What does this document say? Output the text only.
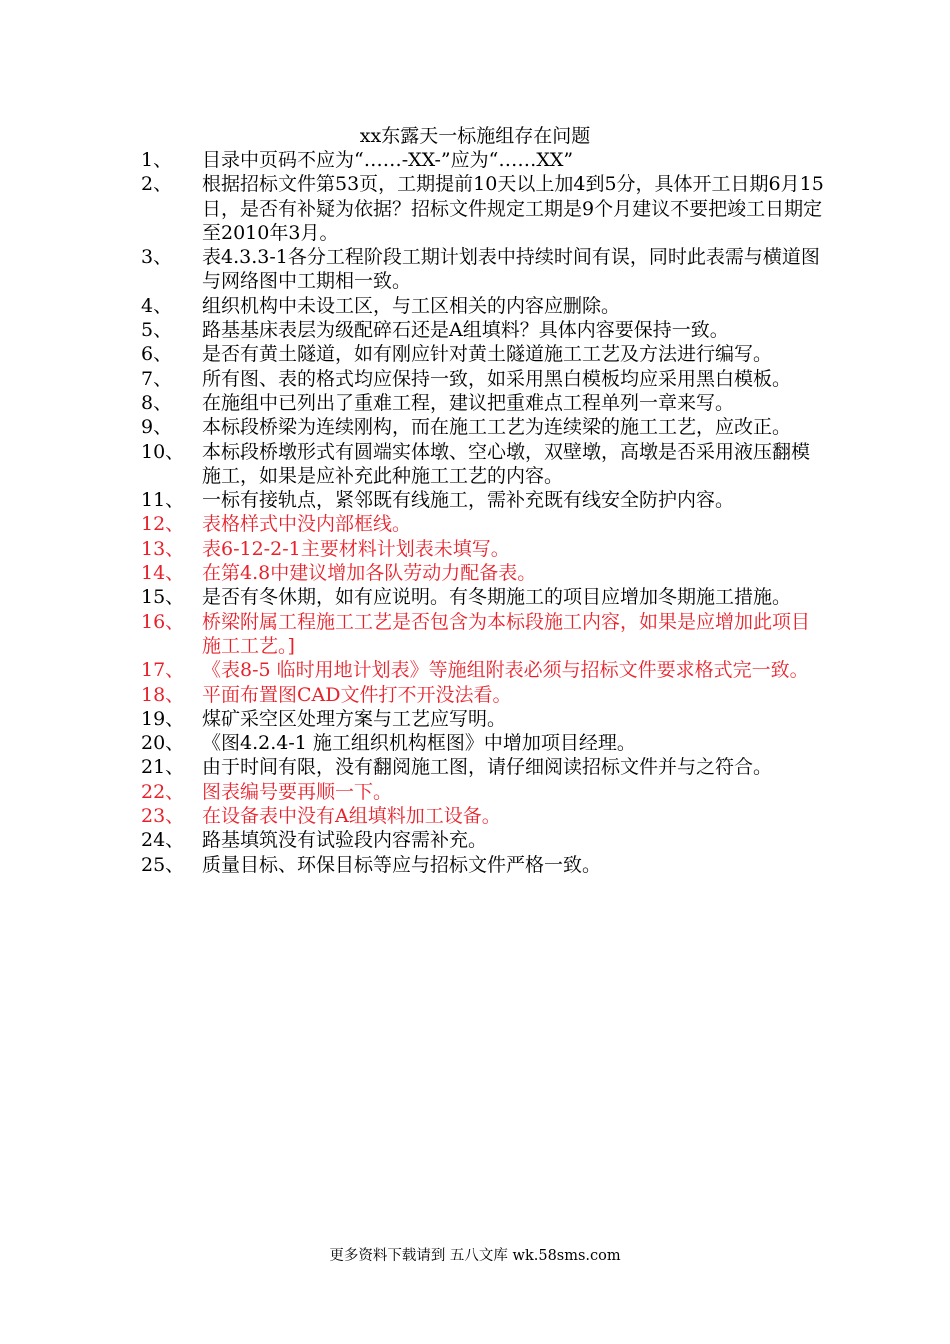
xx东露天一标施组存在问题
1、	目录中页码不应为“……-XX-”应为“……XX”
2、	根据招标文件第53页，工期提前10天以上加4到5分，具体开工日期6月15日，是否有补疑为依据？招标文件规定工期是9个月建议不要把竣工日期定至2010年3月。
3、	表4.3.3-1各分工程阶段工期计划表中持续时间有误，同时此表需与横道图与网络图中工期相一致。
4、	组织机构中未设工区，与工区相关的内容应删除。
5、	路基基床表层为级配碎石还是A组填料？具体内容要保持一致。
6、	是否有黄土隧道，如有刚应针对黄土隧道施工工艺及方法进行编写。
7、	所有图、表的格式均应保持一致，如采用黑白模板均应采用黑白模板。
8、	在施组中已列出了重难工程，建议把重难点工程单列一章来写。
9、	本标段桥梁为连续刚构，而在施工工艺为连续梁的施工工艺，应改正。
10、 本标段桥墩形式有圆端实体墩、空心墩，双壁墩，高墩是否采用液压翻模施工，如果是应补充此种施工工艺的内容。
11、 一标有接轨点，紧邻既有线施工，需补充既有线安全防护内容。
12、 表格样式中没内部框线。
13、 表6-12-2-1主要材料计划表未填写。
14、 在第4.8中建议增加各队劳动力配备表。
15、 是否有冬休期，如有应说明。有冬期施工的项目应增加冬期施工措施。
16、 桥梁附属工程施工工艺是否包含为本标段施工内容，如果是应增加此项目施工工艺。]
17、 《表8-5 临时用地计划表》等施组附表必须与招标文件要求格式完一致。
18、 平面布置图CAD文件打不开没法看。
19、 煤矿采空区处理方案与工艺应写明。
20、 《图4.2.4-1 施工组织机构框图》中增加项目经理。
21、 由于时间有限，没有翻阅施工图，请仔细阅读招标文件并与之符合。
22、 图表编号要再顺一下。
23、 在设备表中没有A组填料加工设备。
24、 路基填筑没有试验段内容需补充。
25、 质量目标、环保目标等应与招标文件严格一致。
更多资料下载请到 五八文库 wk.58sms.com
